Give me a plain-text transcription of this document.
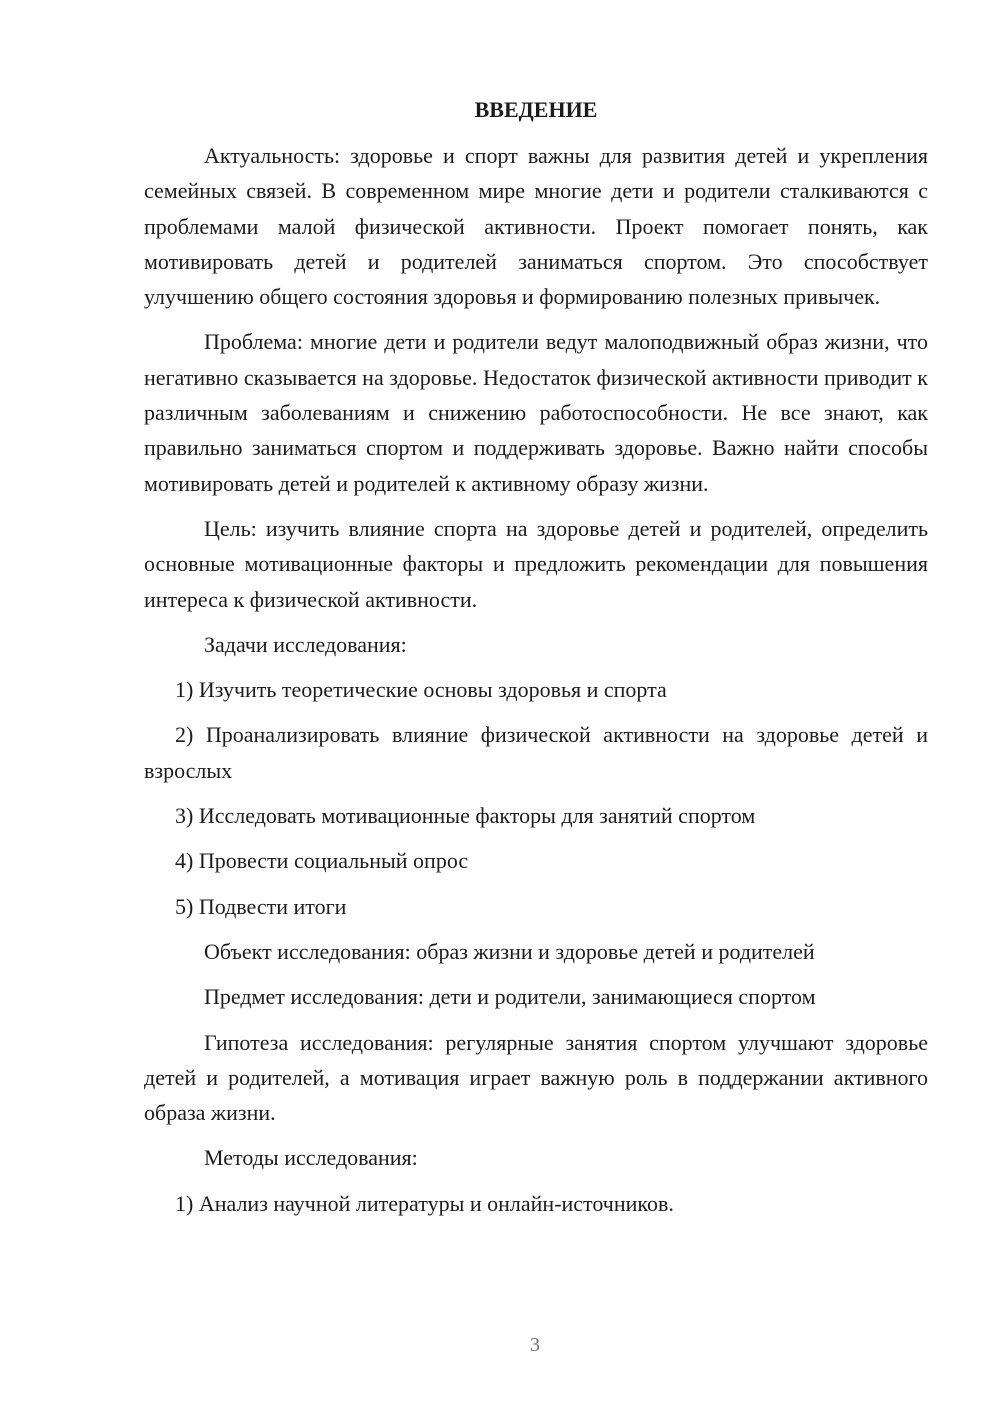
ВВЕДЕНИЕ

Актуальность: здоровье и спорт важны для развития детей и укрепления семейных связей. В современном мире многие дети и родители сталкиваются с проблемами малой физической активности. Проект помогает понять, как мотивировать детей и родителей заниматься спортом. Это способствует улучшению общего состояния здоровья и формированию полезных привычек.

Проблема: многие дети и родители ведут малоподвижный образ жизни, что негативно сказывается на здоровье. Недостаток физической активности приводит к различным заболеваниям и снижению работоспособности. Не все знают, как правильно заниматься спортом и поддерживать здоровье. Важно найти способы мотивировать детей и родителей к активному образу жизни.

Цель: изучить влияние спорта на здоровье детей и родителей, определить основные мотивационные факторы и предложить рекомендации для повышения интереса к физической активности.

Задачи исследования:

1) Изучить теоретические основы здоровья и спорта

2) Проанализировать влияние физической активности на здоровье детей и взрослых

3) Исследовать мотивационные факторы для занятий спортом

4) Провести социальный опрос

5) Подвести итоги

Объект исследования: образ жизни и здоровье детей и родителей

Предмет исследования: дети и родители, занимающиеся спортом

Гипотеза исследования: регулярные занятия спортом улучшают здоровье детей и родителей, а мотивация играет важную роль в поддержании активного образа жизни.

Методы исследования:

1) Анализ научной литературы и онлайн-источников.

3
